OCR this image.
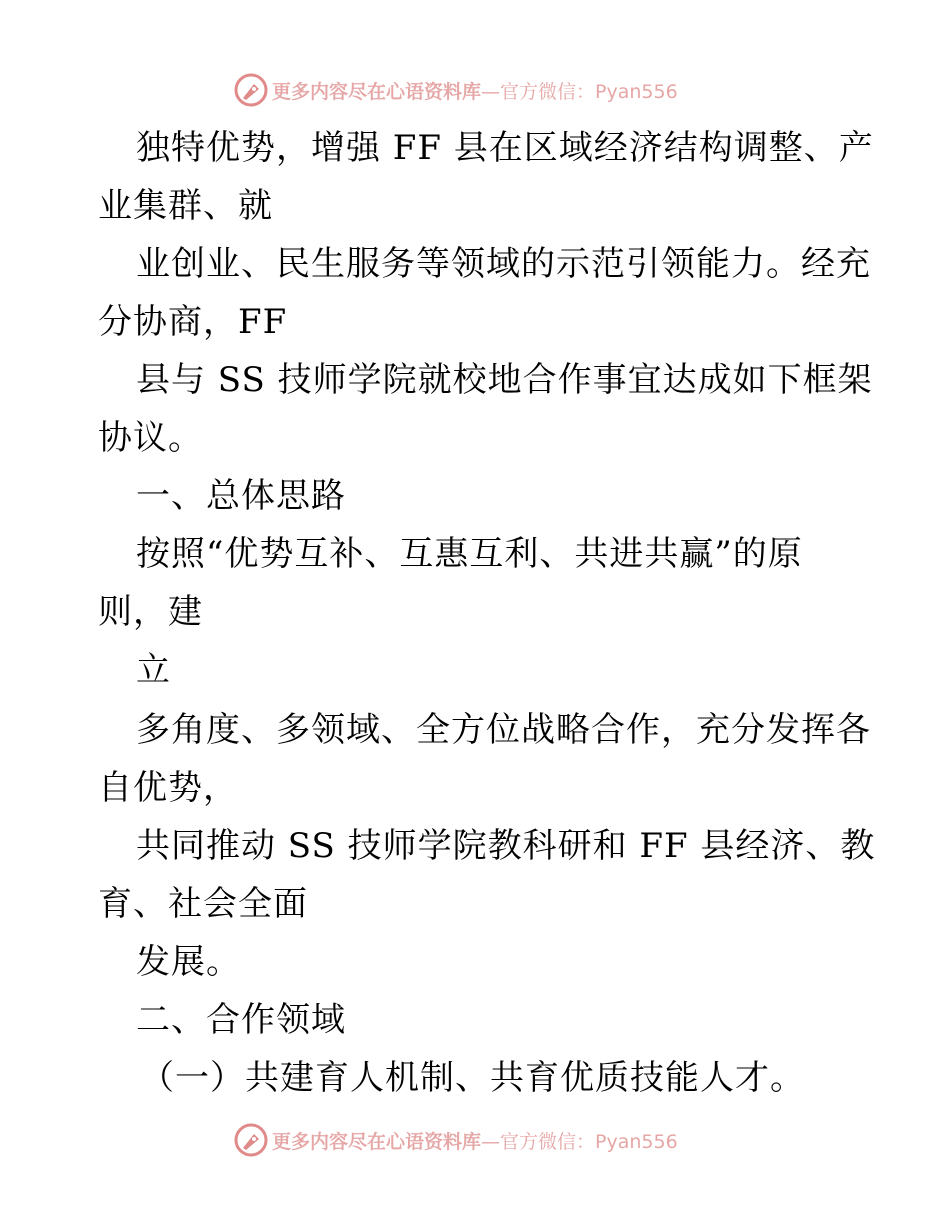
更多内容尽在心语资料库—官方微信：Pyan556
独特优势，增强 FF 县在区域经济结构调整、产
业集群、就
业创业、民生服务等领域的示范引领能力。经充
分协商，FF
县与 SS 技师学院就校地合作事宜达成如下框架
协议。
一、总体思路
按照“优势互补、互惠互利、共进共赢”的原
则，建
立
多角度、多领域、全方位战略合作，充分发挥各
自优势，
共同推动 SS 技师学院教科研和 FF 县经济、教
育、社会全面
发展。
二、合作领域
（一）共建育人机制、共育优质技能人才。
更多内容尽在心语资料库—官方微信：Pyan556
